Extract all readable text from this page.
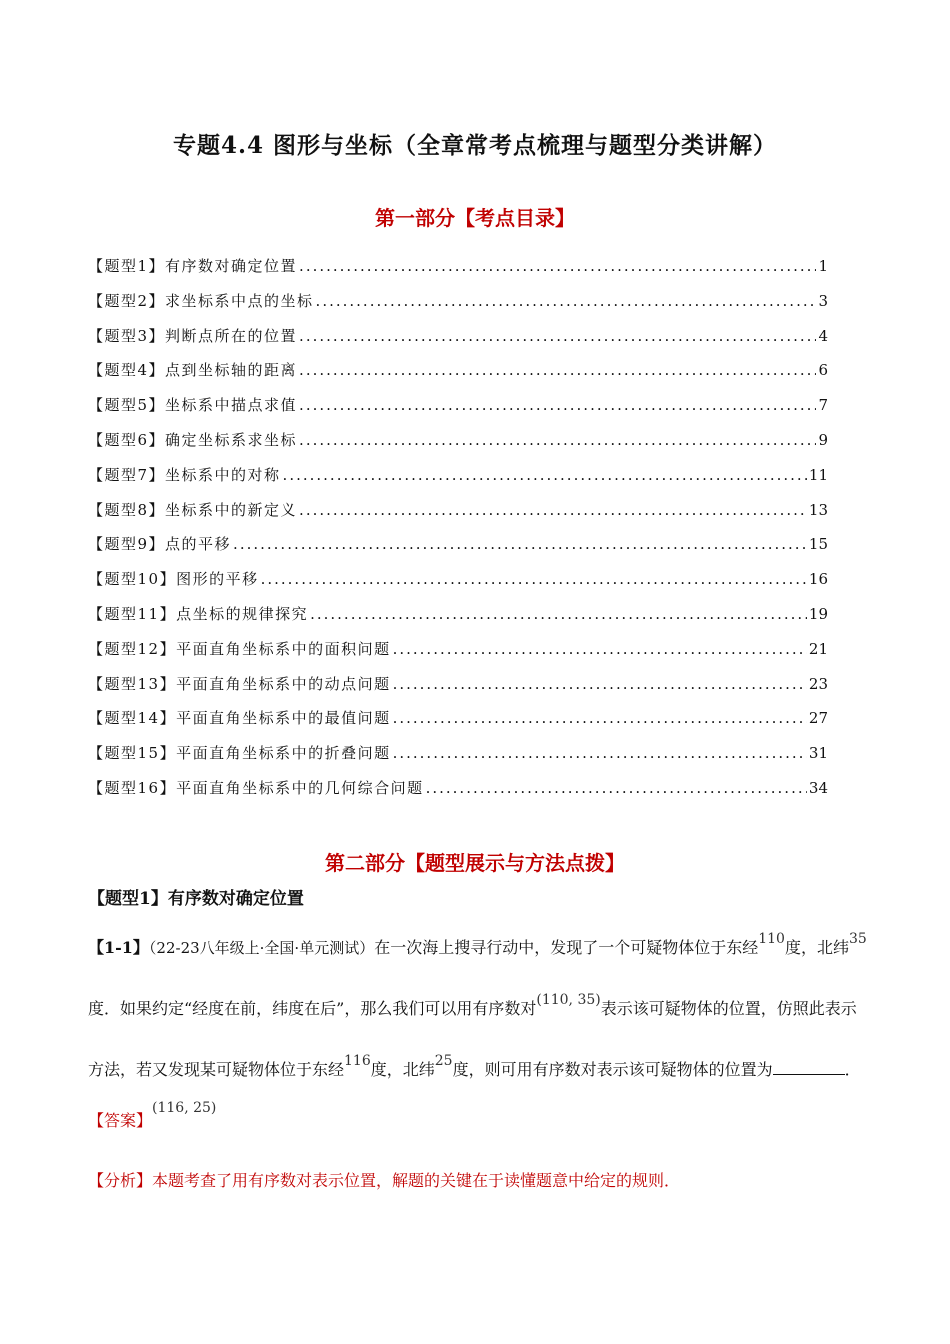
专题4.4 图形与坐标（全章常考点梳理与题型分类讲解）
第一部分【考点目录】
【题型1】有序数对确定位置 .....	1
【题型2】求坐标系中点的坐标 .....	3
【题型3】判断点所在的位置 .....	4
【题型4】点到坐标轴的距离 .....	6
【题型5】坐标系中描点求值 .....	7
【题型6】确定坐标系求坐标 .....	9
【题型7】坐标系中的对称 .....	11
【题型8】坐标系中的新定义 .....	13
【题型9】点的平移 .....	15
【题型10】图形的平移 .....	16
【题型11】点坐标的规律探究 .....	19
【题型12】平面直角坐标系中的面积问题 .....	21
【题型13】平面直角坐标系中的动点问题 .....	23
【题型14】平面直角坐标系中的最值问题 .....	27
【题型15】平面直角坐标系中的折叠问题 .....	31
【题型16】平面直角坐标系中的几何综合问题 .....	34
第二部分【题型展示与方法点拨】
【题型1】有序数对确定位置
【1-1】（22-23八年级上·全国·单元测试）在一次海上搜寻行动中，发现了一个可疑物体位于东经110度，北纬35度．如果约定“经度在前，纬度在后”，那么我们可以用有序数对(110, 35)表示该可疑物体的位置，仿照此表示方法，若又发现某可疑物体位于东经116度，北纬25度，则可用有序数对表示该可疑物体的位置为	．
【答案】(116, 25)
【分析】本题考查了用有序数对表示位置，解题的关键在于读懂题意中给定的规则．
